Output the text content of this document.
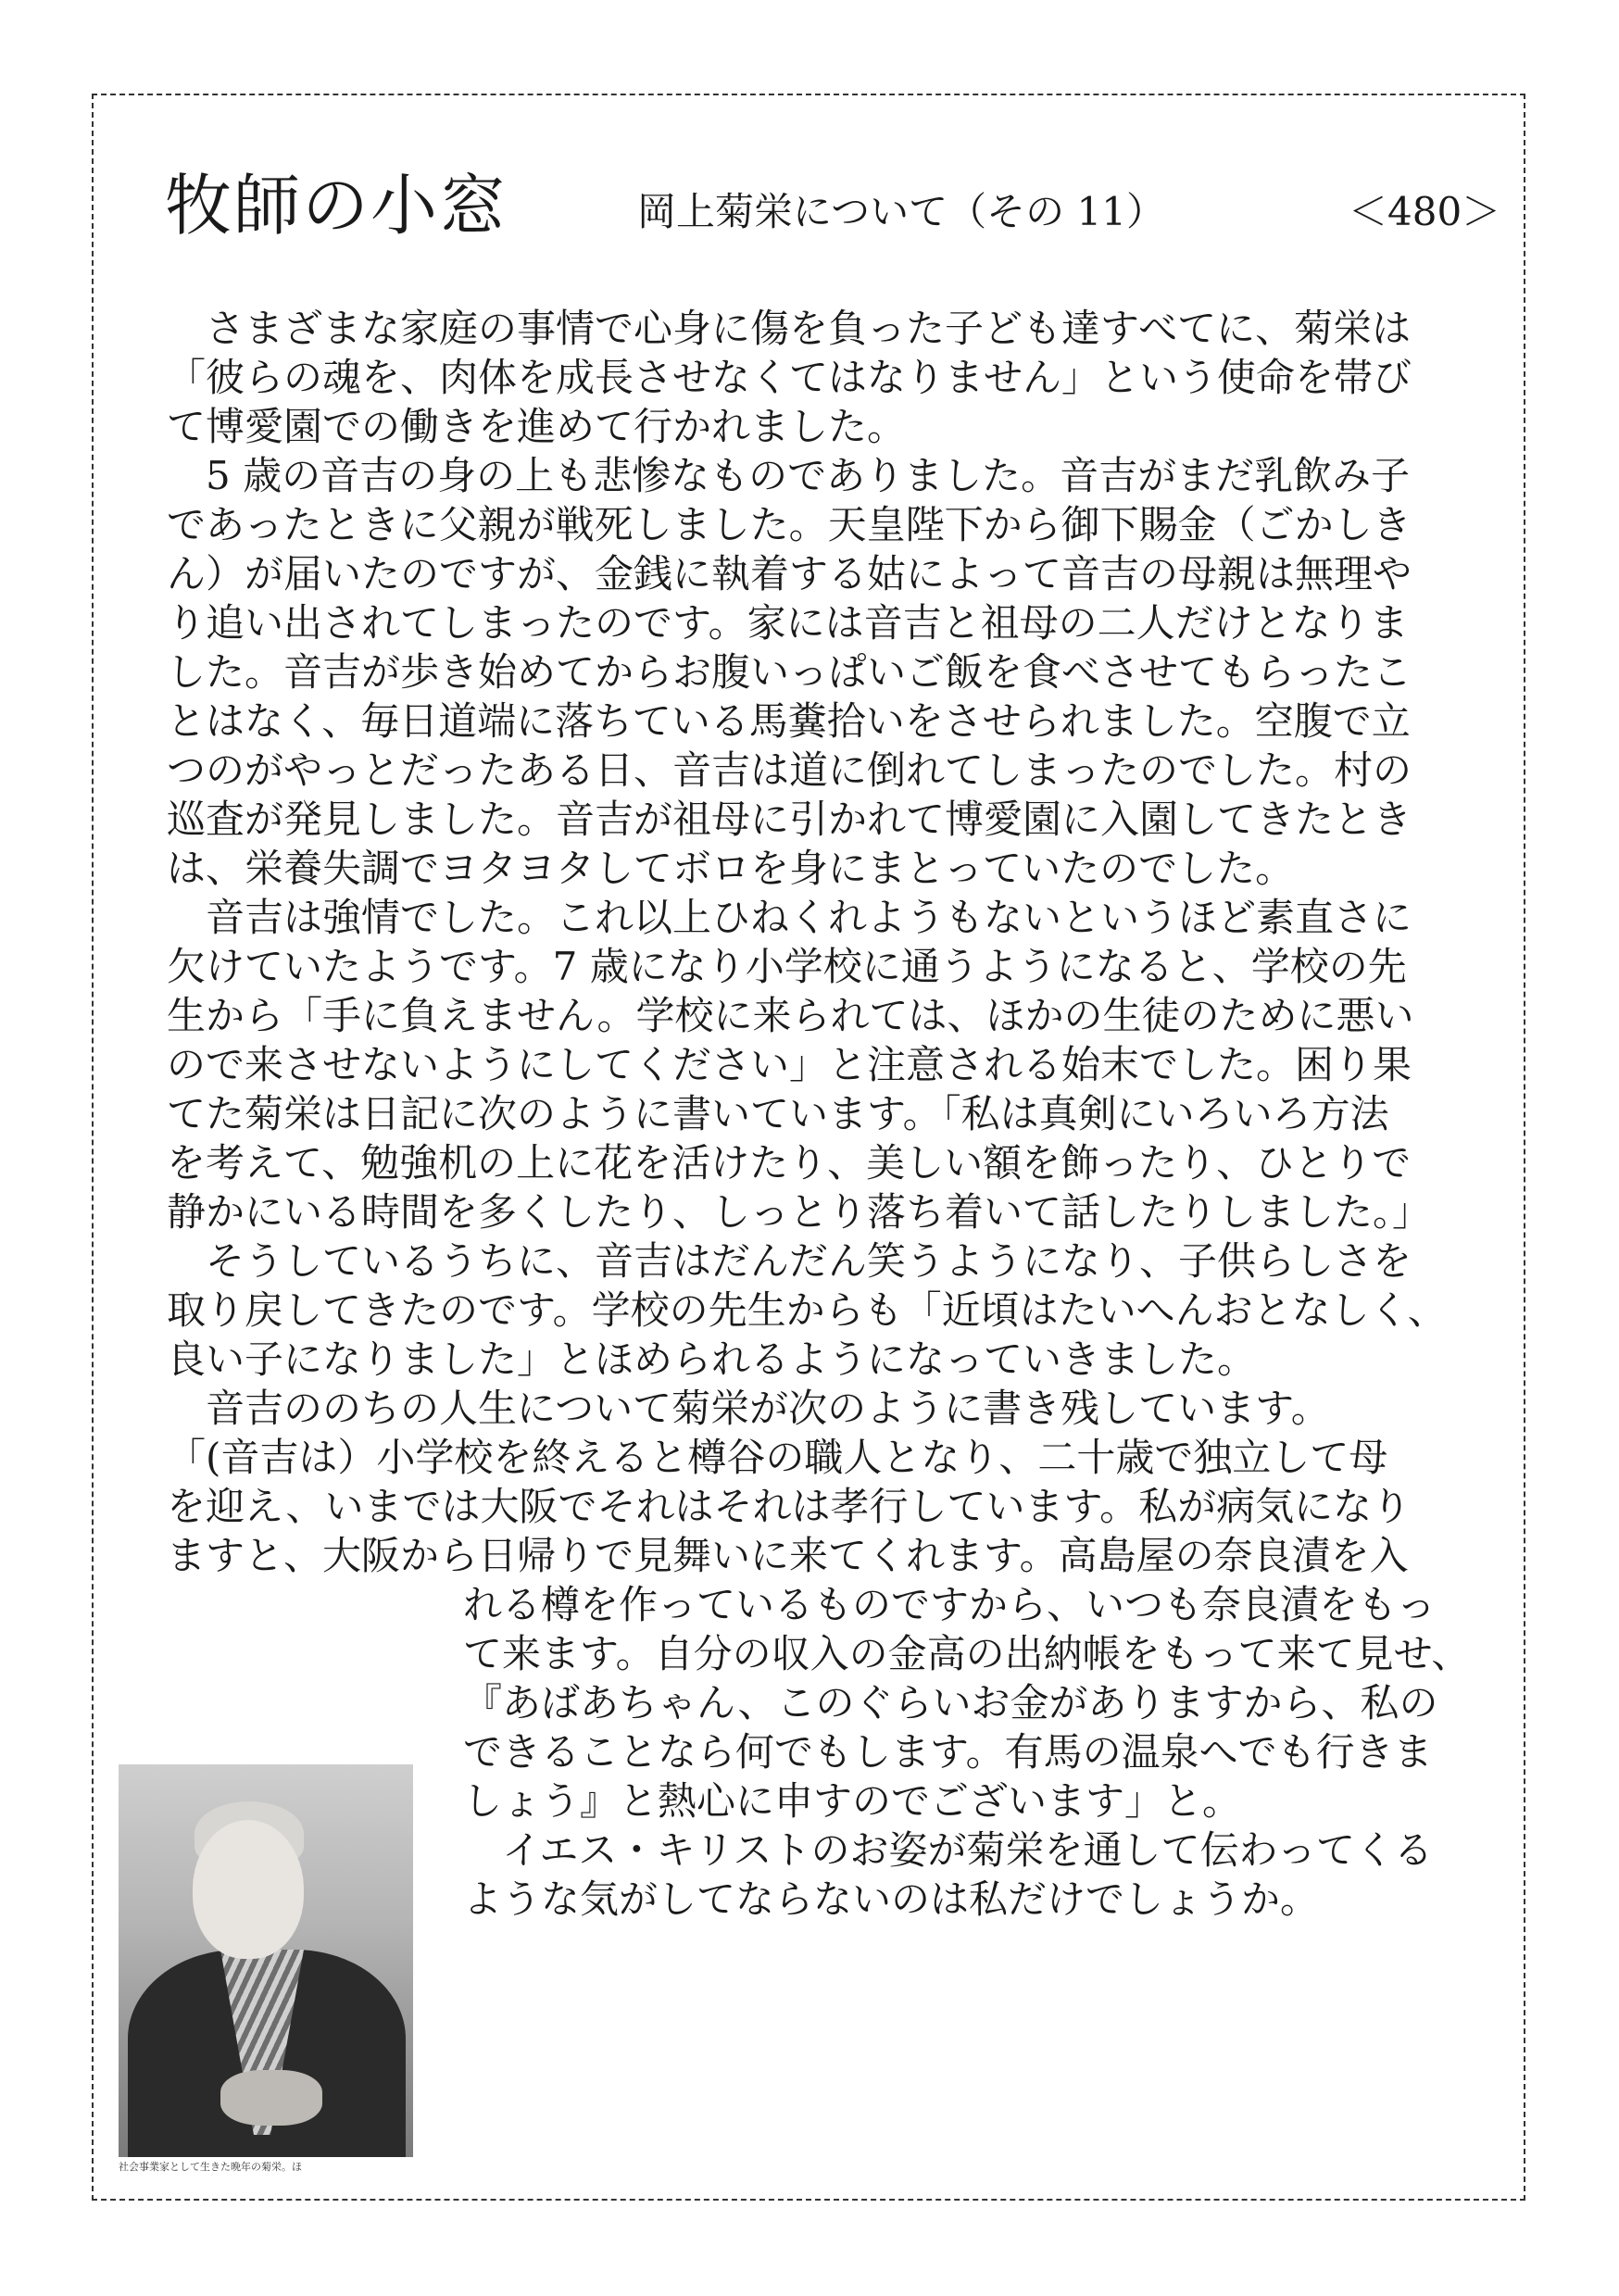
牧師の小窓	岡上菊栄について（その 11）	＜480＞
　さまざまな家庭の事情で心身に傷を負った子ども達すべてに、菊栄は
「彼らの魂を、肉体を成長させなくてはなりません」という使命を帯び
て博愛園での働きを進めて行かれました。
　5 歳の音吉の身の上も悲惨なものでありました。音吉がまだ乳飲み子
であったときに父親が戦死しました。天皇陛下から御下賜金（ごかしき
ん）が届いたのですが、金銭に執着する姑によって音吉の母親は無理や
り追い出されてしまったのです。家には音吉と祖母の二人だけとなりま
した。音吉が歩き始めてからお腹いっぱいご飯を食べさせてもらったこ
とはなく、毎日道端に落ちている馬糞拾いをさせられました。空腹で立
つのがやっとだったある日、音吉は道に倒れてしまったのでした。村の
巡査が発見しました。音吉が祖母に引かれて博愛園に入園してきたとき
は、栄養失調でヨタヨタしてボロを身にまとっていたのでした。
　音吉は強情でした。これ以上ひねくれようもないというほど素直さに
欠けていたようです。7 歳になり小学校に通うようになると、学校の先
生から「手に負えません。学校に来られては、ほかの生徒のために悪い
ので来させないようにしてください」と注意される始末でした。困り果
てた菊栄は日記に次のように書いています。「私は真剣にいろいろ方法
を考えて、勉強机の上に花を活けたり、美しい額を飾ったり、ひとりで
静かにいる時間を多くしたり、しっとり落ち着いて話したりしました。」
　そうしているうちに、音吉はだんだん笑うようになり、子供らしさを
取り戻してきたのです。学校の先生からも「近頃はたいへんおとなしく、
良い子になりました」とほめられるようになっていきました。
　音吉ののちの人生について菊栄が次のように書き残しています。
「(音吉は）小学校を終えると樽谷の職人となり、二十歳で独立して母
を迎え、いまでは大阪でそれはそれは孝行しています。私が病気になり
ますと、大阪から日帰りで見舞いに来てくれます。高島屋の奈良漬を入
れる樽を作っているものですから、いつも奈良漬をもっ
て来ます。自分の収入の金高の出納帳をもって来て見せ、
『あばあちゃん、このぐらいお金がありますから、私の
できることなら何でもします。有馬の温泉へでも行きま
しょう』と熱心に申すのでございます」と。
　イエス・キリストのお姿が菊栄を通して伝わってくる
ような気がしてならないのは私だけでしょうか。
社会事業家として生きた晩年の菊栄。ほ
